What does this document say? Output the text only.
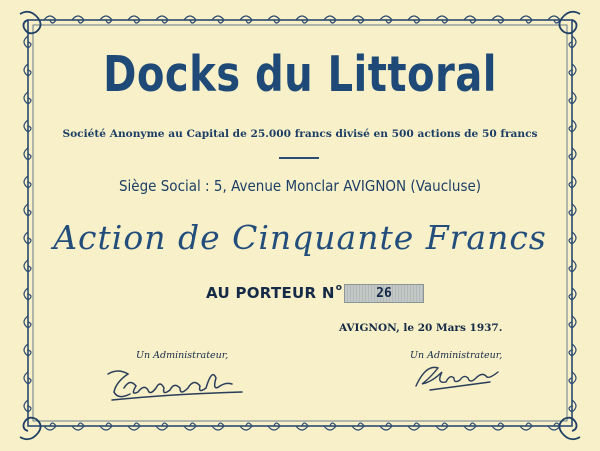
Docks du Littoral
Société Anonyme au Capital de 25.000 francs divisé en 500 actions de 50 francs
Siège Social : 5, Avenue Monclar AVIGNON (Vaucluse)
Action de Cinquante Francs
AU PORTEUR N o	26
AVIGNON, le 20 Mars 1937.
Un Administrateur,	Un Administrateur,
